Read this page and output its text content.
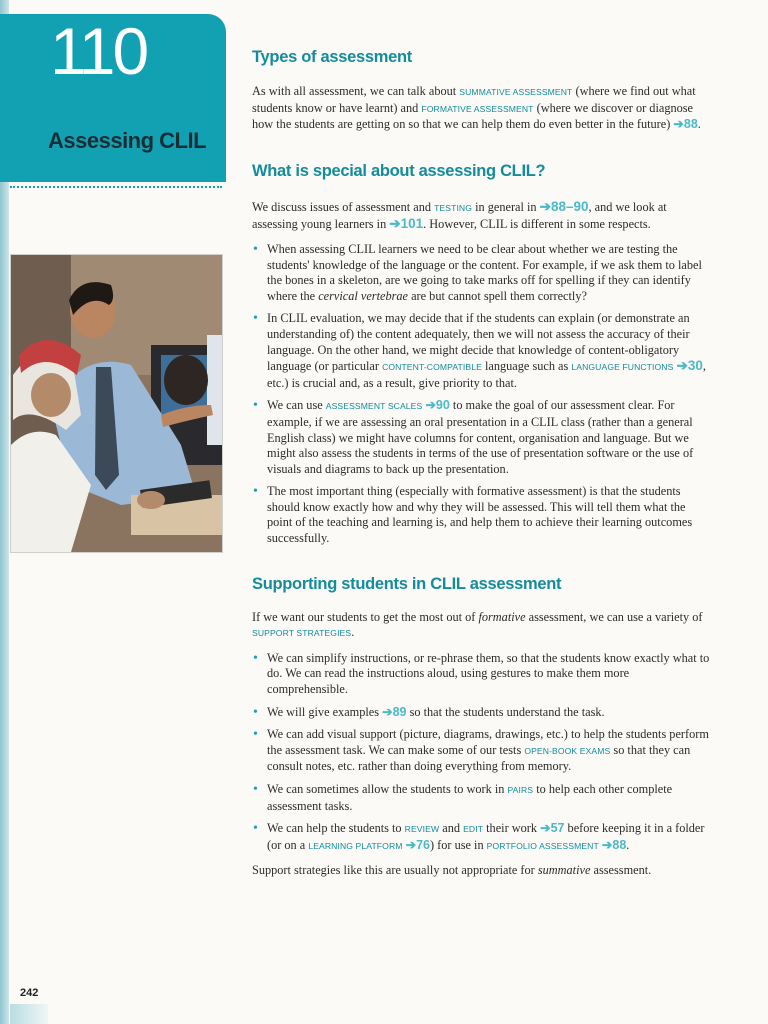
110
Assessing CLIL
Types of assessment

As with all assessment, we can talk about SUMMATIVE ASSESSMENT (where we find out what students know or have learnt) and FORMATIVE ASSESSMENT (where we discover or diagnose how the students are getting on so that we can help them do even better in the future) ➔88.

What is special about assessing CLIL?

We discuss issues of assessment and TESTING in general in ➔88–90, and we look at assessing young learners in ➔101. However, CLIL is different in some respects.

• When assessing CLIL learners we need to be clear about whether we are testing the students' knowledge of the language or the content. For example, if we ask them to label the bones in a skeleton, are we going to take marks off for spelling if they can identify where the cervical vertebrae are but cannot spell them correctly?
• In CLIL evaluation, we may decide that if the students can explain (or demonstrate an understanding of) the content adequately, then we will not assess the accuracy of their language. On the other hand, we might decide that knowledge of content-obligatory language (or particular CONTENT-COMPATIBLE language such as LANGUAGE FUNCTIONS ➔30, etc.) is crucial and, as a result, give priority to that.
• We can use ASSESSMENT SCALES ➔90 to make the goal of our assessment clear. For example, if we are assessing an oral presentation in a CLIL class (rather than a general English class) we might have columns for content, organisation and language. But we might also assess the students in terms of the use of presentation software or the use of visuals and diagrams to back up the presentation.
• The most important thing (especially with formative assessment) is that the students should know exactly how and why they will be assessed. This will tell them what the point of the teaching and learning is, and help them to achieve their learning outcomes successfully.
Supporting students in CLIL assessment

If we want our students to get the most out of formative assessment, we can use a variety of SUPPORT STRATEGIES.

• We can simplify instructions, or re-phrase them, so that the students know exactly what to do. We can read the instructions aloud, using gestures to make them more comprehensible.
• We will give examples ➔89 so that the students understand the task.
• We can add visual support (picture, diagrams, drawings, etc.) to help the students perform the assessment task. We can make some of our tests OPEN-BOOK EXAMS so that they can consult notes, etc. rather than doing everything from memory.
• We can sometimes allow the students to work in PAIRS to help each other complete assessment tasks.
• We can help the students to REVIEW and EDIT their work ➔57 before keeping it in a folder (or on a LEARNING PLATFORM ➔76) for use in PORTFOLIO ASSESSMENT ➔88.

Support strategies like this are usually not appropriate for summative assessment.

242
